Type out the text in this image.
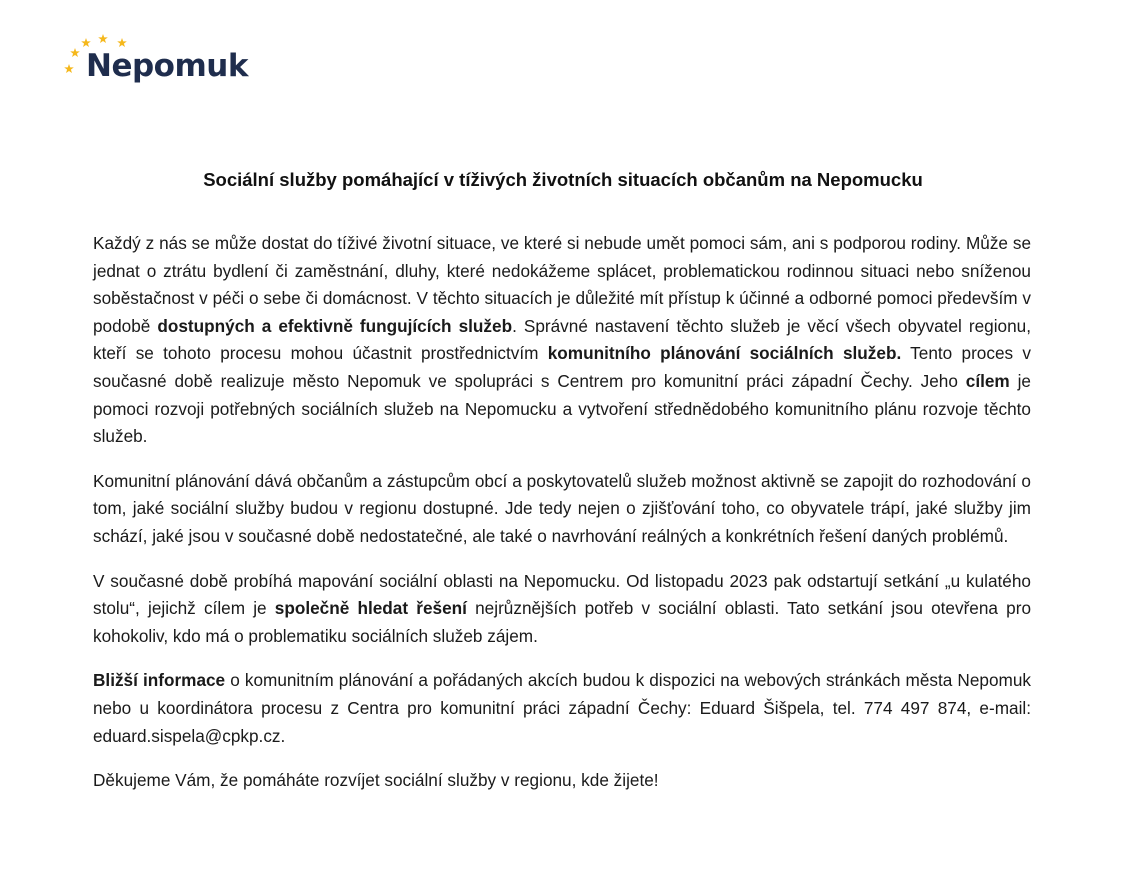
Nepomuk
Sociální služby pomáhající v tíživých životních situacích občanům na Nepomucku

Každý z nás se může dostat do tíživé životní situace, ve které si nebude umět pomoci sám, ani s podporou rodiny. Může se jednat o ztrátu bydlení či zaměstnání, dluhy, které nedokážeme splácet, problematickou rodinnou situaci nebo sníženou soběstačnost v péči o sebe či domácnost. V těchto situacích je důležité mít přístup k účinné a odborné pomoci především v podobě dostupných a efektivně fungujících služeb. Správné nastavení těchto služeb je věcí všech obyvatel regionu, kteří se tohoto procesu mohou účastnit prostřednictvím komunitního plánování sociálních služeb. Tento proces v současné době realizuje město Nepomuk ve spolupráci s Centrem pro komunitní práci západní Čechy. Jeho cílem je pomoci rozvoji potřebných sociálních služeb na Nepomucku a vytvoření střednědobého komunitního plánu rozvoje těchto služeb.

Komunitní plánování dává občanům a zástupcům obcí a poskytovatelů služeb možnost aktivně se zapojit do rozhodování o tom, jaké sociální služby budou v regionu dostupné. Jde tedy nejen o zjišťování toho, co obyvatele trápí, jaké služby jim schází, jaké jsou v současné době nedostatečné, ale také o navrhování reálných a konkrétních řešení daných problémů.

V současné době probíhá mapování sociální oblasti na Nepomucku. Od listopadu 2023 pak odstartují setkání „u kulatého stolu“, jejichž cílem je společně hledat řešení nejrůznějších potřeb v sociální oblasti. Tato setkání jsou otevřena pro kohokoliv, kdo má o problematiku sociálních služeb zájem.

Bližší informace o komunitním plánování a pořádaných akcích budou k dispozici na webových stránkách města Nepomuk nebo u koordinátora procesu z Centra pro komunitní práci západní Čechy: Eduard Šišpela, tel. 774 497 874, e-mail: eduard.sispela@cpkp.cz.

Děkujeme Vám, že pomáháte rozvíjet sociální služby v regionu, kde žijete!
